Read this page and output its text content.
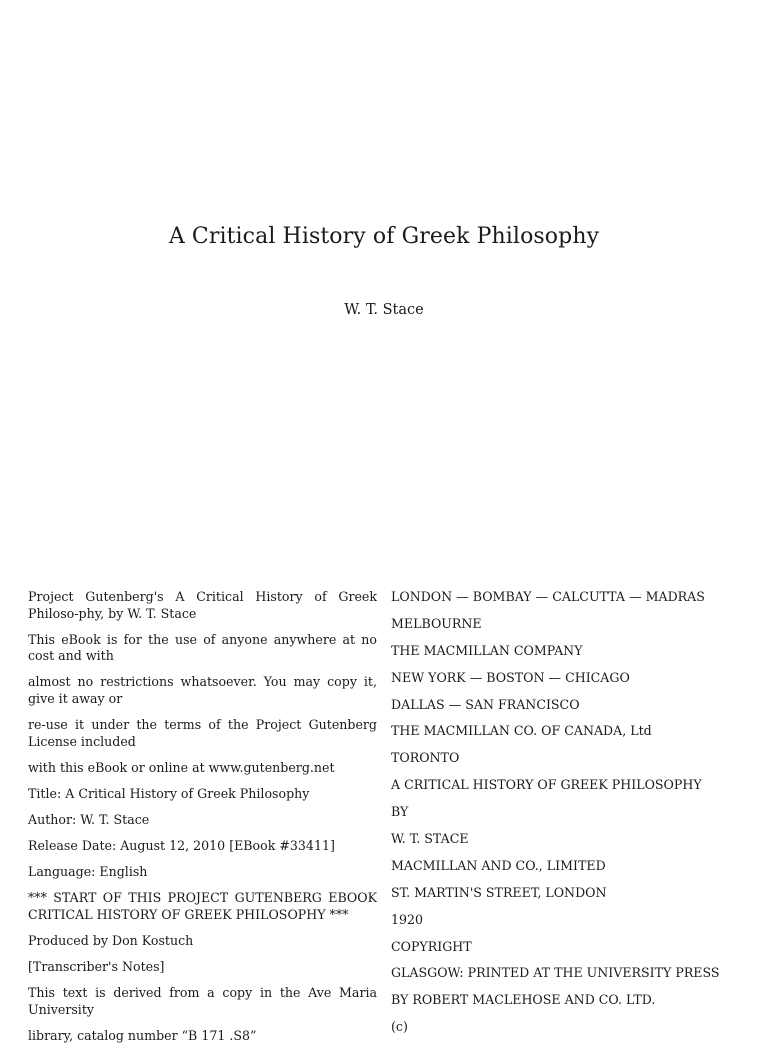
A Critical History of Greek Philosophy
W. T. Stace

Project Gutenberg's A Critical History of Greek Philoso-phy, by W. T. Stace

This eBook is for the use of anyone anywhere at no cost and with

almost no restrictions whatsoever. You may copy it, give it away or

re-use it under the terms of the Project Gutenberg License included

with this eBook or online at www.gutenberg.net

Title: A Critical History of Greek Philosophy

Author: W. T. Stace

Release Date: August 12, 2010 [EBook #33411]

Language: English

*** START OF THIS PROJECT GUTENBERG EBOOK CRITICAL HISTORY OF GREEK PHILOSOPHY ***

Produced by Don Kostuch

[Transcriber's Notes]

This text is derived from a copy in the Ave Maria University

library, catalog number “B 171 .S8”

LONDON — BOMBAY — CALCUTTA — MADRAS

MELBOURNE

THE MACMILLAN COMPANY

NEW YORK — BOSTON — CHICAGO

DALLAS — SAN FRANCISCO

THE MACMILLAN CO. OF CANADA, Ltd

TORONTO

A CRITICAL HISTORY OF GREEK PHILOSOPHY

BY

W. T. STACE

MACMILLAN AND CO., LIMITED

ST. MARTIN'S STREET, LONDON

1920

COPYRIGHT

GLASGOW: PRINTED AT THE UNIVERSITY PRESS

BY ROBERT MACLEHOSE AND CO. LTD.

(c)
